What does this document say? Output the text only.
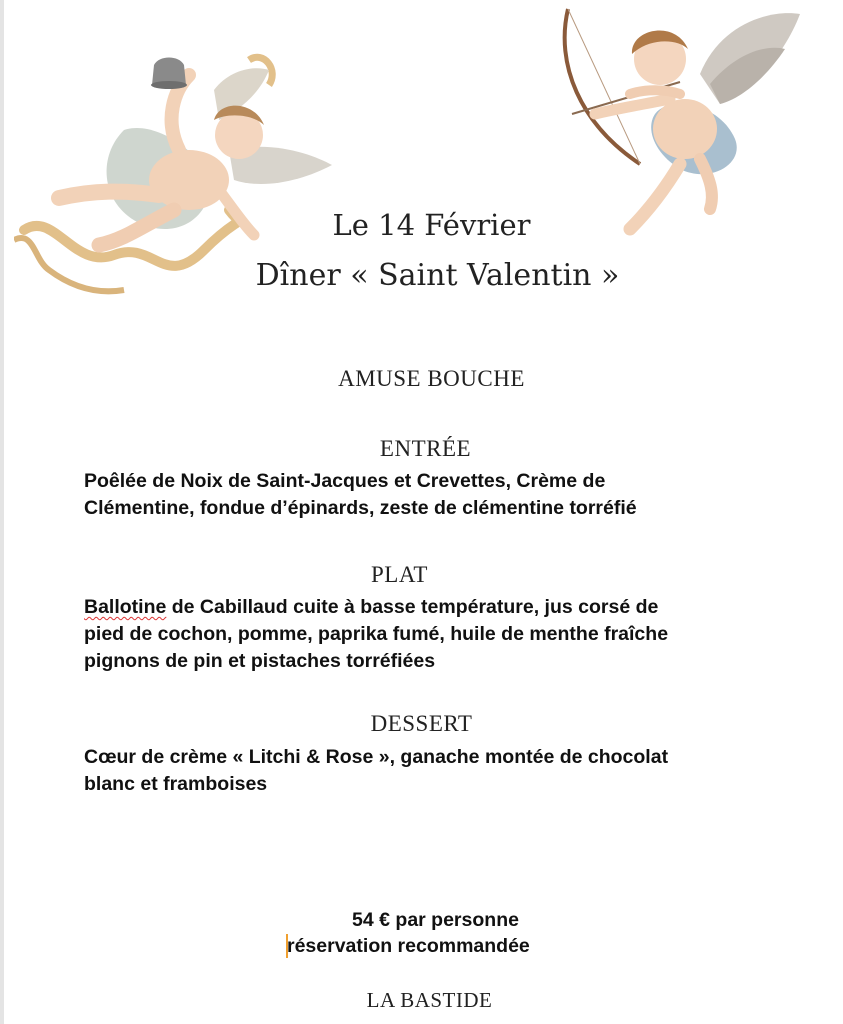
Le 14 Février
Dîner « Saint Valentin »
AMUSE BOUCHE
ENTRÉE

Poêlée de Noix de Saint-Jacques et Crevettes, Crème de
Clémentine, fondue d’épinards, zeste de clémentine torréfié

PLAT

Ballotine de Cabillaud cuite à basse température, jus corsé de
pied de cochon, pomme, paprika fumé, huile de menthe fraîche
pignons de pin et pistaches torréfiées

DESSERT

Cœur de crème « Litchi & Rose », ganache montée de chocolat
blanc et framboises

54 € par personne

réservation recommandée

LA BASTIDE
